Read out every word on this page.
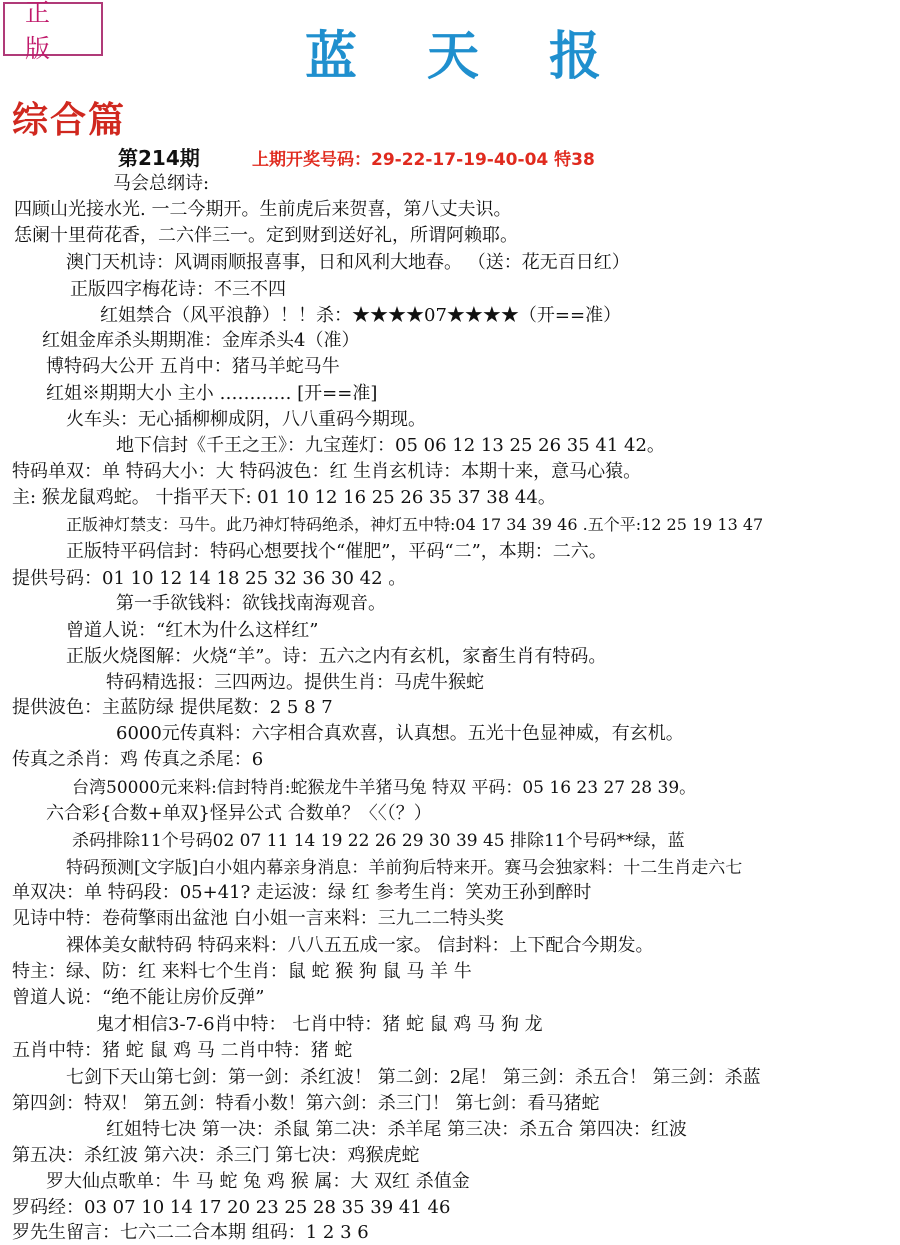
正版	蓝天报
综合篇
第214期	上期开奖号码：29-22-17-19-40-04 特38
马会总纲诗:
四顾山光接水光. 一二今期开。生前虎后来贺喜，第八丈夫识。
恁阑十里荷花香，二六伴三一。定到财到送好礼，所谓阿赖耶。
澳门天机诗：风调雨顺报喜事，日和风利大地春。 （送：花无百日红）
正版四字梅花诗：不三不四
红姐禁合（风平浪静）！！杀：★★★★07★★★★（开==准）
红姐金库杀头期期准：金库杀头4（准）
博特码大公开 五肖中：猪马羊蛇马牛
红姐※期期大小 主小 ………… [开==准]
火车头：无心插柳柳成阴，八八重码今期现。
地下信封《千王之王》：九宝莲灯：05 06 12 13 25 26 35 41 42。
特码单双：单 特码大小：大 特码波色：红 生肖玄机诗：本期十来，意马心猿。
主: 猴龙鼠鸡蛇。 十指平天下: 01 10 12 16 25 26 35 37 38 44。
正版神灯禁支：马牛。此乃神灯特码绝杀，神灯五中特:04 17 34 39 46 .五个平:12 25 19 13 47
正版特平码信封：特码心想要找个“催肥”，平码“二”，本期：二六。
提供号码：01 10 12 14 18 25 32 36 30 42 。
第一手欲钱料：欲钱找南海观音。
曾道人说：“红木为什么这样红”
正版火烧图解：火烧“羊”。诗：五六之内有玄机，家畜生肖有特码。
特码精选报：三四两边。提供生肖：马虎牛猴蛇
提供波色：主蓝防绿 提供尾数：2 5 8 7
6000元传真料：六字相合真欢喜，认真想。五光十色显神威，有玄机。
传真之杀肖：鸡 传真之杀尾：6
台湾50000元来料:信封特肖:蛇猴龙牛羊猪马兔 特双 平码：05 16 23 27 28 39。
六合彩{合数+单双}怪异公式 合数单？〈〈（？）
杀码排除11个号码02 07 11 14 19 22 26 29 30 39 45 排除11个号码**绿，蓝
特码预测[文字版]白小姐内幕亲身消息：羊前狗后特来开。赛马会独家料：十二生肖走六七
单双决：单 特码段：05+41? 走运波：绿 红 参考生肖：笑劝王孙到醉时
见诗中特：卷荷擎雨出盆池 白小姐一言来料：三九二二特头奖
裸体美女献特码 特码来料：八八五五成一家。 信封料：上下配合今期发。
特主：绿、防：红 来料七个生肖：鼠 蛇 猴 狗 鼠 马 羊 牛
曾道人说：“绝不能让房价反弹”
鬼才相信3-7-6肖中特： 七肖中特：猪 蛇 鼠 鸡 马 狗 龙
五肖中特：猪 蛇 鼠 鸡 马 二肖中特：猪 蛇
七剑下天山第七剑：第一剑：杀红波！ 第二剑：2尾！ 第三剑：杀五合！ 第三剑：杀蓝
第四剑：特双！ 第五剑：特看小数！第六剑：杀三门！ 第七剑：看马猪蛇
红姐特七决 第一决：杀鼠 第二决：杀羊尾 第三决：杀五合 第四决：红波
第五决：杀红波 第六决：杀三门 第七决：鸡猴虎蛇
罗大仙点歌单：牛 马 蛇 兔 鸡 猴 属：大 双红 杀值金
罗码经：03 07 10 14 17 20 23 25 28 35 39 41 46
罗先生留言：七六二二合本期 组码：1 2 3 6
